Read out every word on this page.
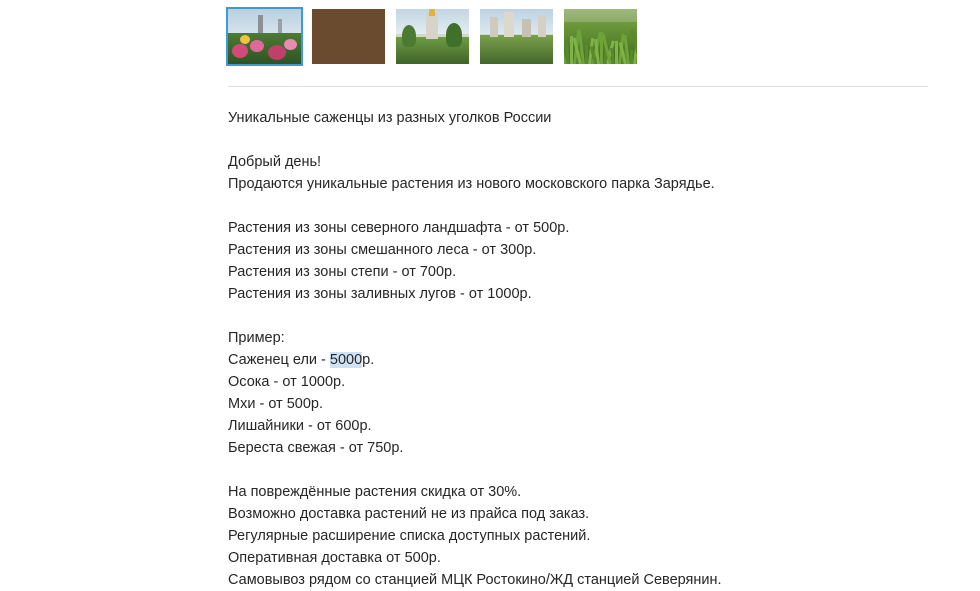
Уникальные саженцы из разных уголков России

Добрый день!

Продаются уникальные растения из нового московского парка Зарядье.

Растения из зоны северного ландшафта - от 500р.

Растения из зоны смешанного леса - от 300р.

Растения из зоны степи - от 700р.

Растения из зоны заливных лугов - от 1000р.

Пример:

Саженец ели - 5000р.

Осока - от 1000р.

Мхи - от 500р.

Лишайники - от 600р.

Береста свежая - от 750р.

На повреждённые растения скидка от 30%.

Возможно доставка растений не из прайса под заказ.

Регулярные расширение списка доступных растений.

Оперативная доставка от 500р.

Самовывоз рядом со станцией МЦК Ростокино/ЖД станцией Северянин.
